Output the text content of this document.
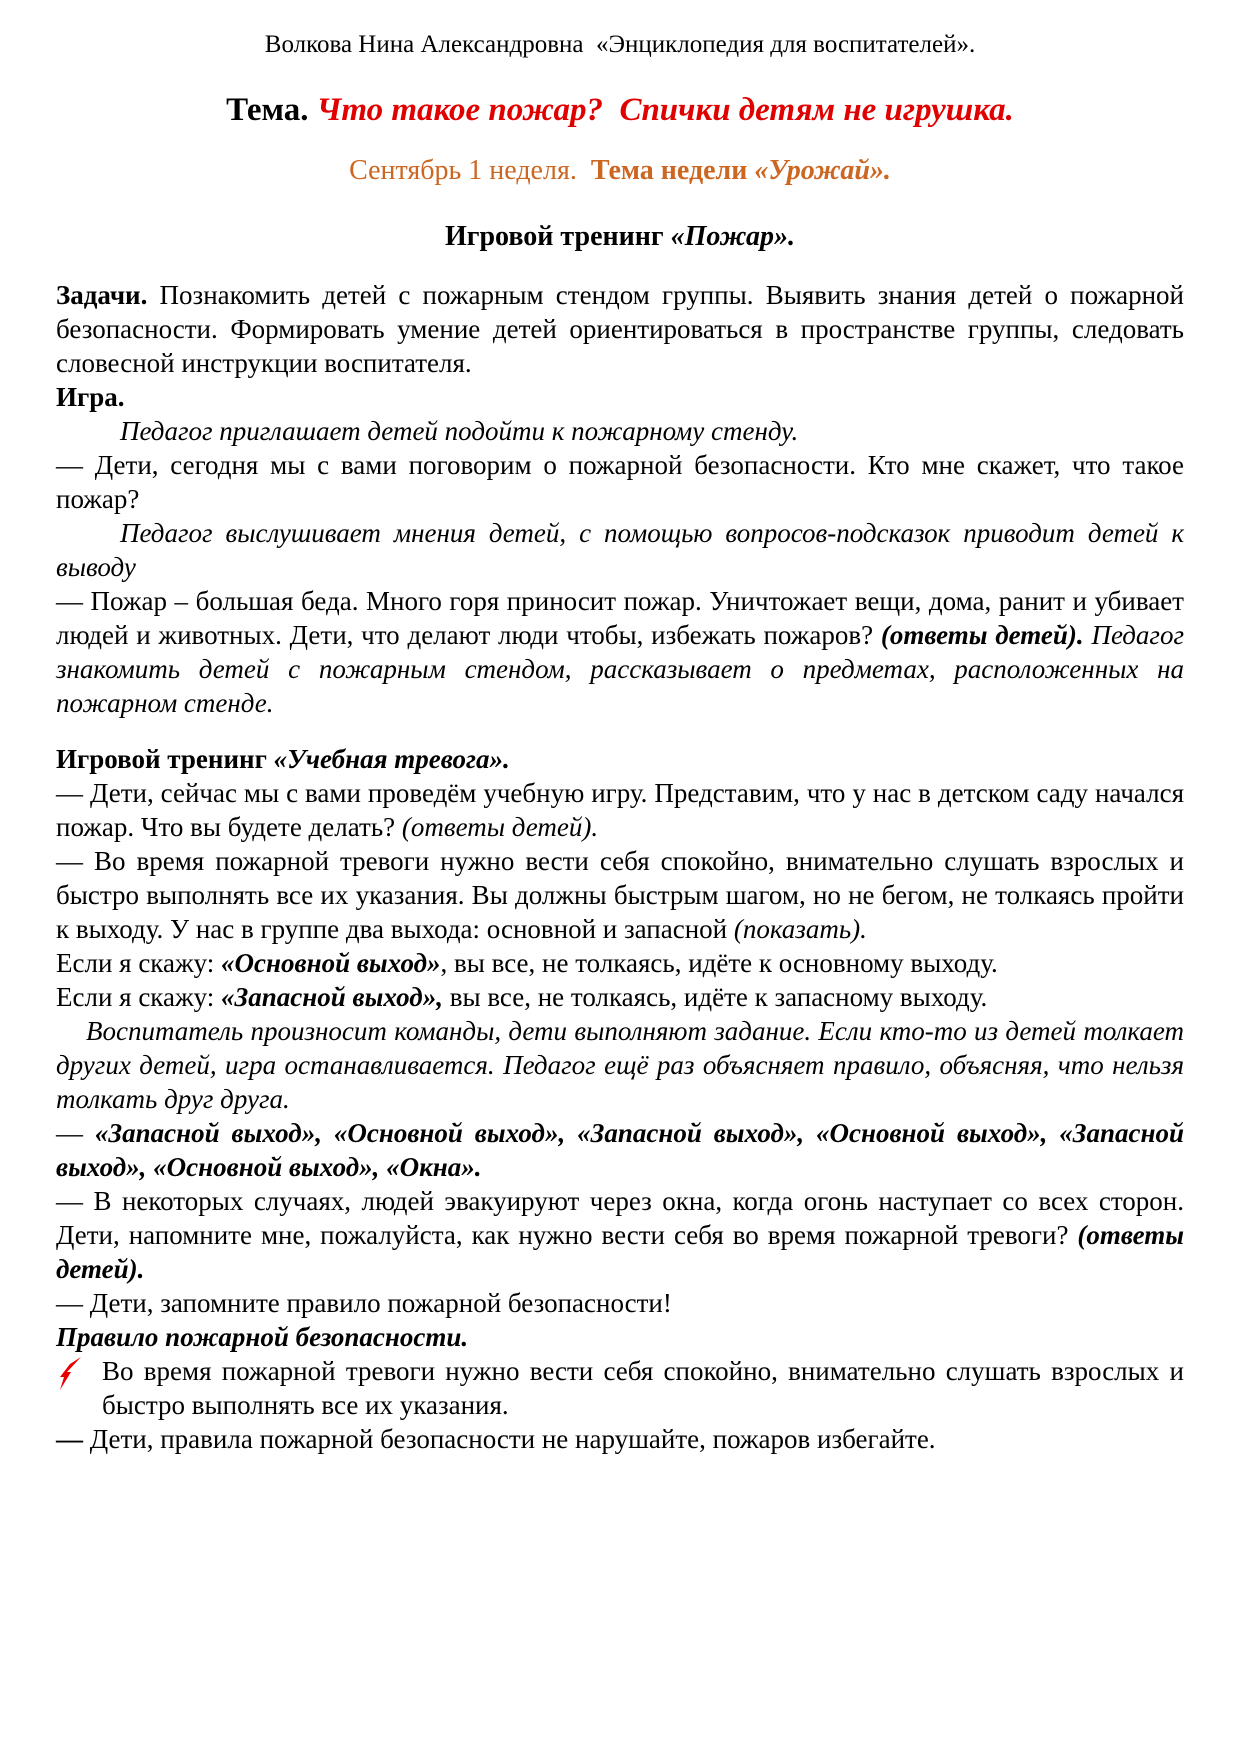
Волкова Нина Александровна  «Энциклопедия для воспитателей».
Тема. Что такое пожар?  Спички детям не игрушка.
Сентябрь 1 неделя.  Тема недели «Урожай».
Игровой тренинг «Пожар».
Задачи. Познакомить детей с пожарным стендом группы. Выявить знания детей о пожарной безопасности. Формировать умение детей ориентироваться в пространстве группы, следовать словесной инструкции воспитателя.
Игра.
Педагог приглашает детей подойти к пожарному стенду.
— Дети, сегодня мы с вами поговорим о пожарной безопасности. Кто мне скажет, что такое пожар?
Педагог выслушивает мнения детей, с помощью вопросов-подсказок приводит детей к выводу
— Пожар – большая беда. Много горя приносит пожар. Уничтожает вещи, дома, ранит и убивает людей и животных. Дети, что делают люди чтобы, избежать пожаров? (ответы детей). Педагог знакомить детей с пожарным стендом, рассказывает о предметах, расположенных на пожарном стенде.
Игровой тренинг «Учебная тревога».
— Дети, сейчас мы с вами проведём учебную игру. Представим, что у нас в детском саду начался пожар. Что вы будете делать? (ответы детей).
— Во время пожарной тревоги нужно вести себя спокойно, внимательно слушать взрослых и быстро выполнять все их указания. Вы должны быстрым шагом, но не бегом, не толкаясь пройти к выходу. У нас в группе два выхода: основной и запасной (показать).
Если я скажу: «Основной выход», вы все, не толкаясь, идёте к основному выходу.
Если я скажу: «Запасной выход», вы все, не толкаясь, идёте к запасному выходу.
Воспитатель произносит команды, дети выполняют задание. Если кто-то из детей толкает других детей, игра останавливается. Педагог ещё раз объясняет правило, объясняя, что нельзя толкать друг друга.
— «Запасной выход», «Основной выход», «Запасной выход», «Основной выход», «Запасной выход», «Основной выход», «Окна».
— В некоторых случаях, людей эвакуируют через окна, когда огонь наступает со всех сторон. Дети, напомните мне, пожалуйста, как нужно вести себя во время пожарной тревоги? (ответы детей).
— Дети, запомните правило пожарной безопасности!
Правило пожарной безопасности.
Во время пожарной тревоги нужно вести себя спокойно, внимательно слушать взрослых и быстро выполнять все их указания.
— Дети, правила пожарной безопасности не нарушайте, пожаров избегайте.
